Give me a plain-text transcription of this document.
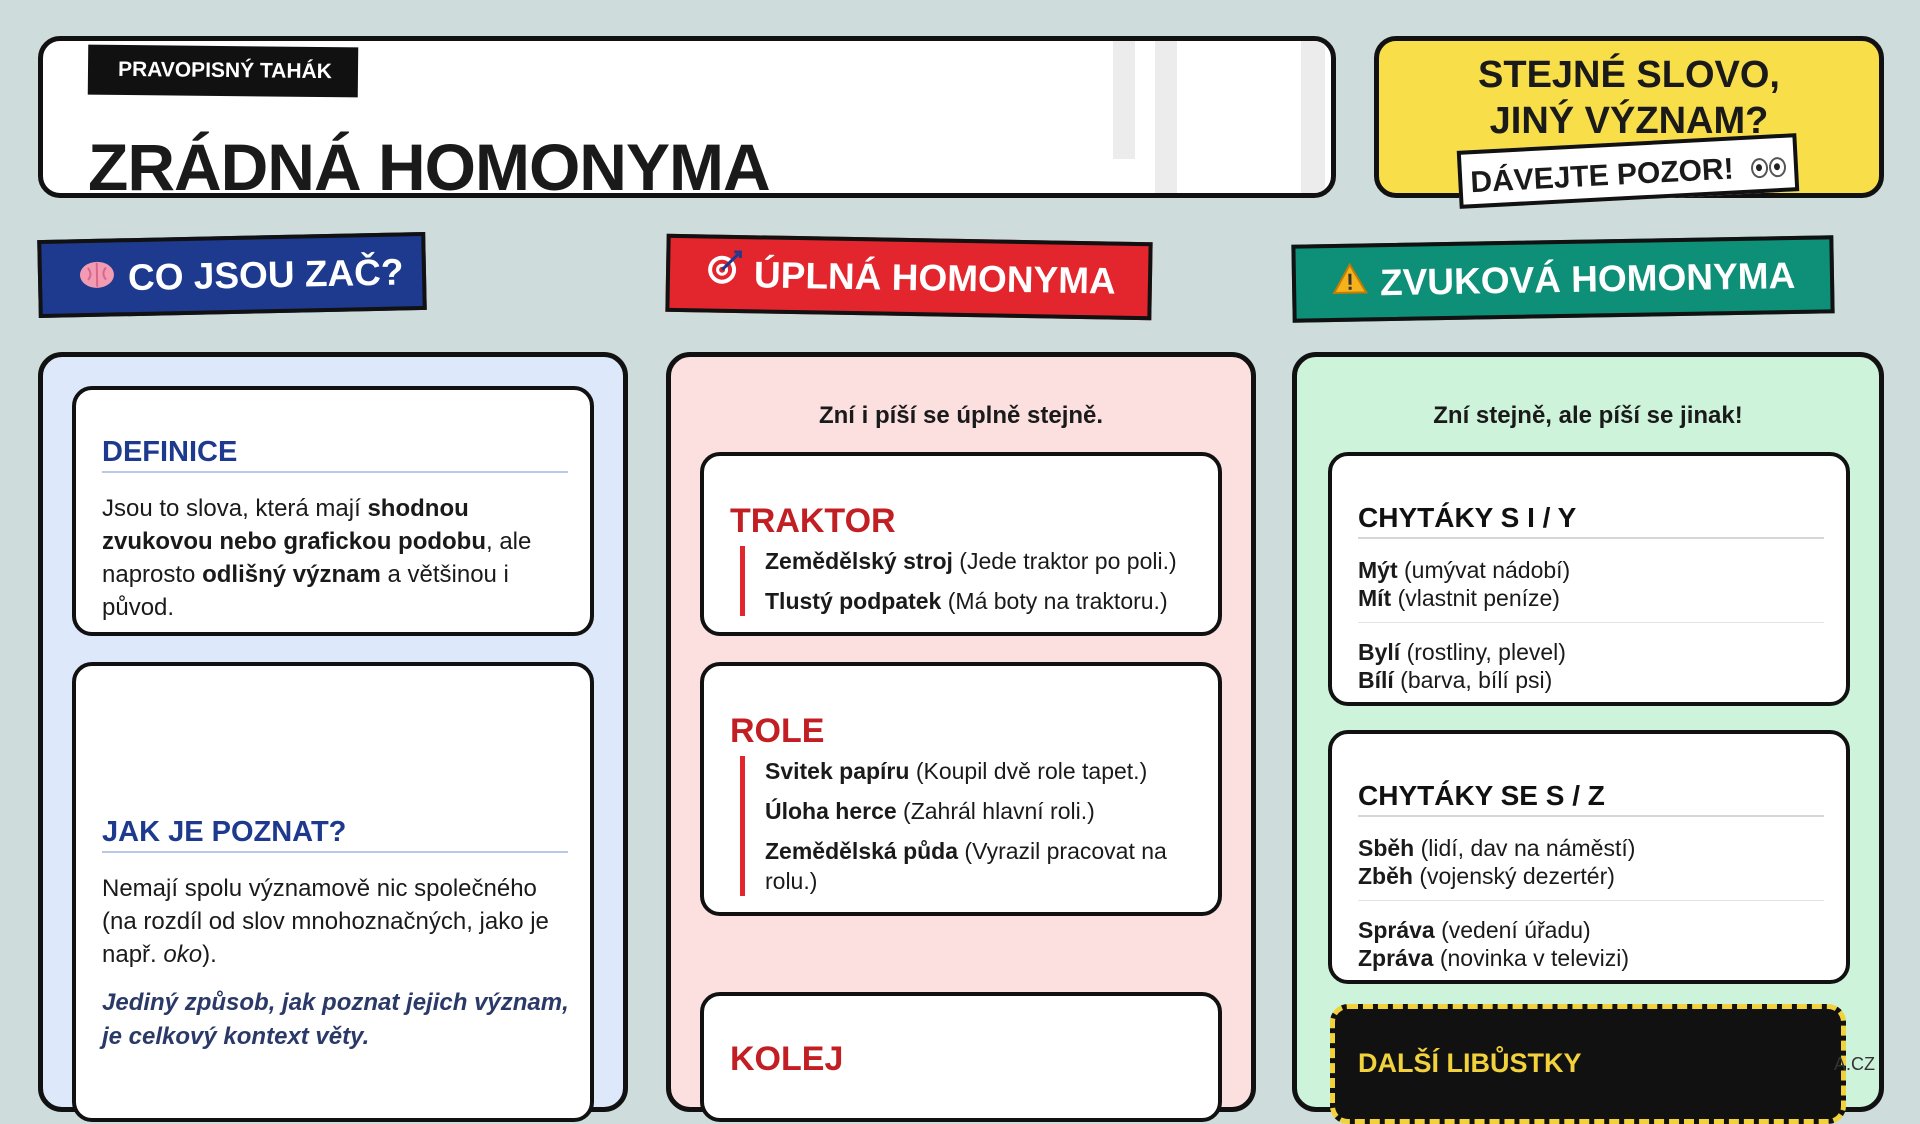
PRAVOPISNÝ TAHÁK
ZRÁDNÁ HOMONYMA
STEJNÉ SLOVO,
JINÝ VÝZNAM?
DÁVEJTE POZOR!
CO JSOU ZAČ?	ÚPLNÁ HOMONYMA	ZVUKOVÁ HOMONYMA
DEFINICE
Jsou to slova, která mají shodnou zvukovou nebo grafickou podobu, ale naprosto odlišný význam a většinou i původ.
JAK JE POZNAT?
Nemají spolu významově nic společného (na rozdíl od slov mnohoznačných, jako je např. oko).
Jediný způsob, jak poznat jejich význam, je celkový kontext věty.
Zní i píší se úplně stejně.
TRAKTOR
Zemědělský stroj (Jede traktor po poli.)
Tlustý podpatek (Má boty na traktoru.)
ROLE
Svitek papíru (Koupil dvě role tapet.)
Úloha herce (Zahrál hlavní roli.)
Zemědělská půda (Vyrazil pracovat na rolu.)
KOLEJ
Zní stejně, ale píší se jinak!
CHYTÁKY S I / Y
Mýt (umývat nádobí)
Mít (vlastnit peníze)
Bylí (rostliny, plevel)
Bílí (barva, bílí psi)
CHYTÁKY SE S / Z
Sběh (lidí, dav na náměstí)
Zběh (vojenský dezertér)
Správa (vedení úřadu)
Zpráva (novinka v televizi)
DALŠÍ LIBŮSTKY	A.CZ
